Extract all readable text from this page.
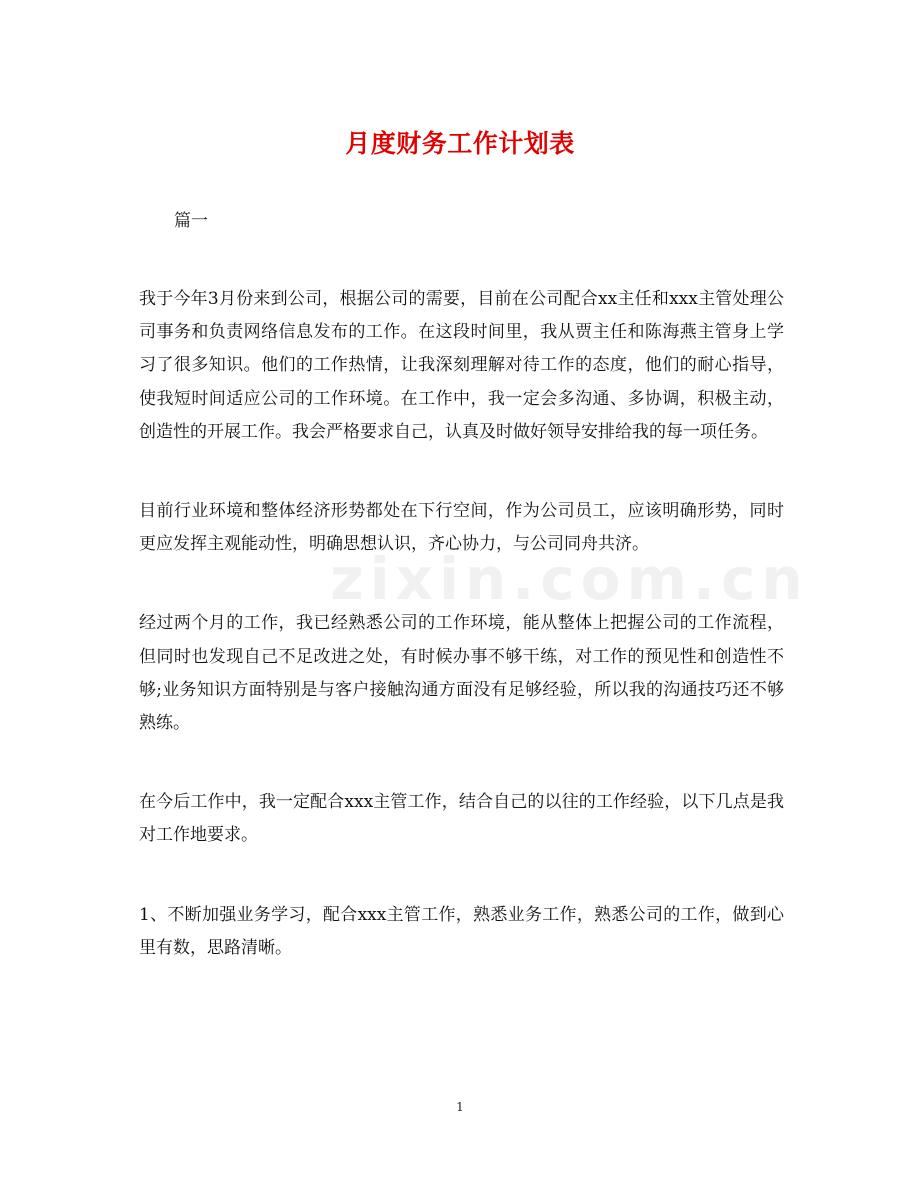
月度财务工作计划表
篇一

我于今年3月份来到公司，根据公司的需要，目前在公司配合xx主任和xxx主管处理公司事务和负责网络信息发布的工作。在这段时间里，我从贾主任和陈海燕主管身上学习了很多知识。他们的工作热情，让我深刻理解对待工作的态度，他们的耐心指导，使我短时间适应公司的工作环境。在工作中，我一定会多沟通、多协调，积极主动，创造性的开展工作。我会严格要求自己，认真及时做好领导安排给我的每一项任务。

目前行业环境和整体经济形势都处在下行空间，作为公司员工，应该明确形势，同时更应发挥主观能动性，明确思想认识，齐心协力，与公司同舟共济。

经过两个月的工作，我已经熟悉公司的工作环境，能从整体上把握公司的工作流程，但同时也发现自己不足改进之处，有时候办事不够干练，对工作的预见性和创造性不够;业务知识方面特别是与客户接触沟通方面没有足够经验，所以我的沟通技巧还不够熟练。

在今后工作中，我一定配合xxx主管工作，结合自己的以往的工作经验，以下几点是我对工作地要求。

1、不断加强业务学习，配合xxx主管工作，熟悉业务工作，熟悉公司的工作，做到心里有数，思路清晰。

zixin.com.cn
1
